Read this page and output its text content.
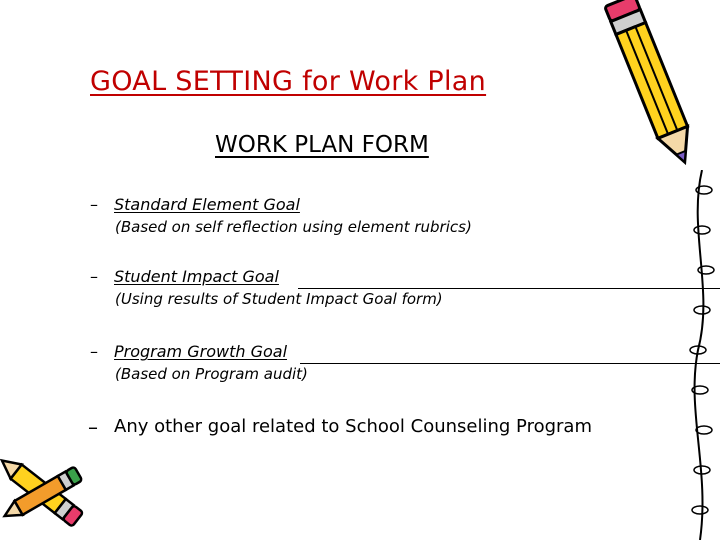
GOAL SETTING for Work Plan
WORK PLAN FORM
– Standard Element Goal
(Based on self reflection using element rubrics)
– Student Impact Goal
(Using results of Student Impact Goal form)
– Program Growth Goal
(Based on Program audit)
– Any other goal related to School Counseling Program
